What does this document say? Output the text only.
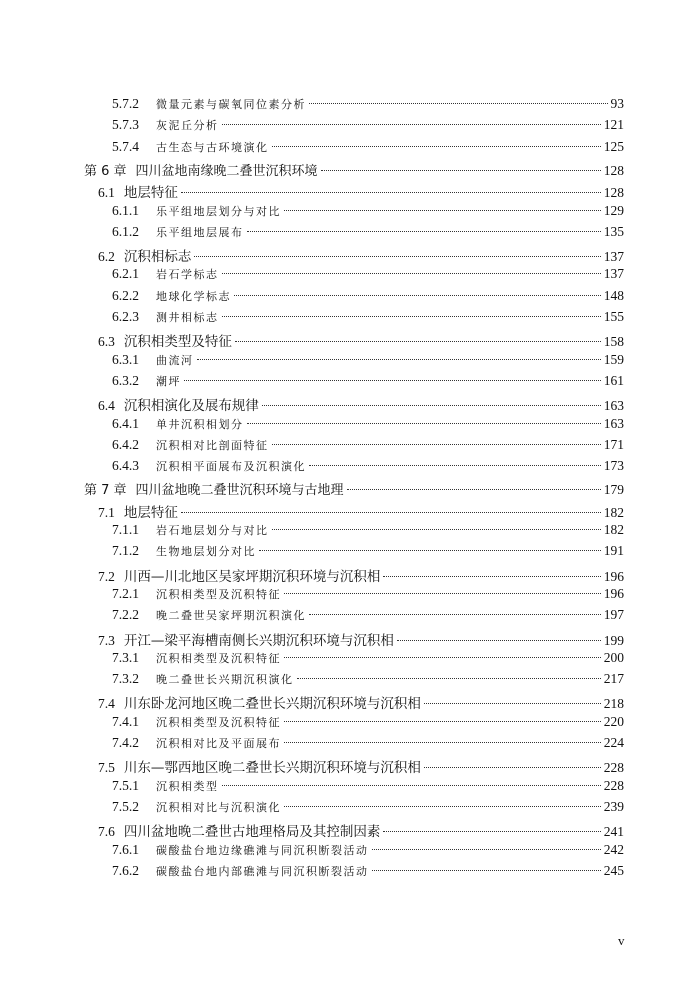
5.7.2	微量元素与碳氧同位素分析	93
5.7.3	灰泥丘分析	121
5.7.4	古生态与古环境演化	125
第 6 章 四川盆地南缘晚二叠世沉积环境	128
6.1 地层特征	128
6.1.1	乐平组地层划分与对比	129
6.1.2	乐平组地层展布	135
6.2 沉积相标志	137
6.2.1	岩石学标志	137
6.2.2	地球化学标志	148
6.2.3	测井相标志	155
6.3 沉积相类型及特征	158
6.3.1	曲流河	159
6.3.2	潮坪	161
6.4 沉积相演化及展布规律	163
6.4.1	单井沉积相划分	163
6.4.2	沉积相对比剖面特征	171
6.4.3	沉积相平面展布及沉积演化	173
第 7 章 四川盆地晚二叠世沉积环境与古地理	179
7.1 地层特征	182
7.1.1	岩石地层划分与对比	182
7.1.2	生物地层划分对比	191
7.2 川西—川北地区吴家坪期沉积环境与沉积相	196
7.2.1	沉积相类型及沉积特征	196
7.2.2	晚二叠世吴家坪期沉积演化	197
7.3 开江—梁平海槽南侧长兴期沉积环境与沉积相	199
7.3.1	沉积相类型及沉积特征	200
7.3.2	晚二叠世长兴期沉积演化	217
7.4 川东卧龙河地区晚二叠世长兴期沉积环境与沉积相	218
7.4.1	沉积相类型及沉积特征	220
7.4.2	沉积相对比及平面展布	224
7.5 川东—鄂西地区晚二叠世长兴期沉积环境与沉积相	228
7.5.1	沉积相类型	228
7.5.2	沉积相对比与沉积演化	239
7.6 四川盆地晚二叠世古地理格局及其控制因素	241
7.6.1	碳酸盐台地边缘礁滩与同沉积断裂活动	242
7.6.2	碳酸盐台地内部礁滩与同沉积断裂活动	245
v
